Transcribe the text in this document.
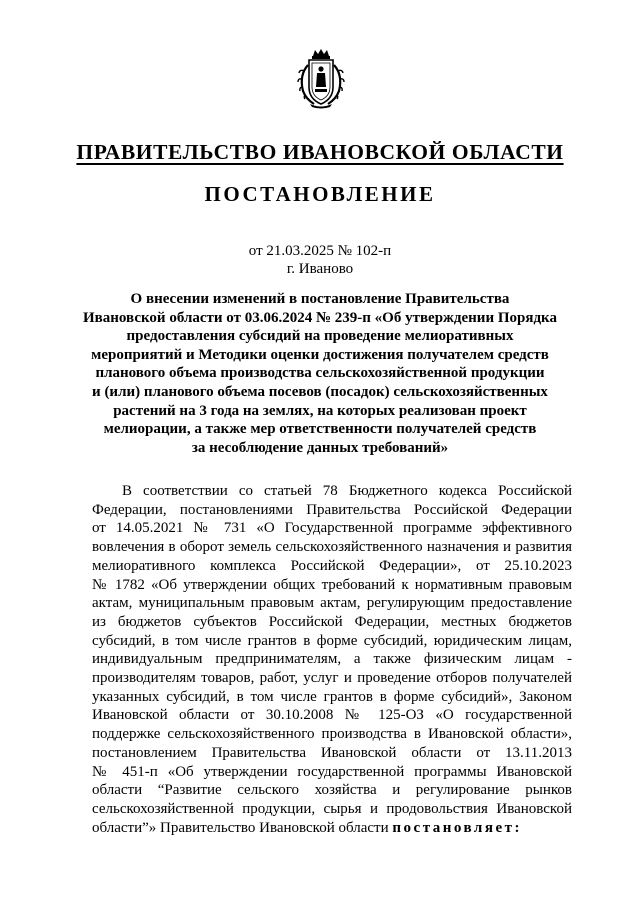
ПРАВИТЕЛЬСТВО ИВАНОВСКОЙ ОБЛАСТИ
ПОСТАНОВЛЕНИЕ
от 21.03.2025 № 102-п
г. Иваново
О внесении изменений в постановление Правительства
Ивановской области от 03.06.2024 № 239-п «Об утверждении Порядка
предоставления субсидий на проведение мелиоративных
мероприятий и Методики оценки достижения получателем средств
планового объема производства сельскохозяйственной продукции
и (или) планового объема посевов (посадок) сельскохозяйственных
растений на 3 года на землях, на которых реализован проект
мелиорации, а также мер ответственности получателей средств
за несоблюдение данных требований»
В соответствии со статьей 78 Бюджетного кодекса Российской
Федерации, постановлениями Правительства Российской Федерации
от 14.05.2021 № 731 «О Государственной программе эффективного
вовлечения в оборот земель сельскохозяйственного назначения и развития
мелиоративного комплекса Российской Федерации», от 25.10.2023
№ 1782 «Об утверждении общих требований к нормативным правовым
актам, муниципальным правовым актам, регулирующим предоставление
из бюджетов субъектов Российской Федерации, местных бюджетов
субсидий, в том числе грантов в форме субсидий, юридическим лицам,
индивидуальным предпринимателям, а также физическим лицам -
производителям товаров, работ, услуг и проведение отборов получателей
указанных субсидий, в том числе грантов в форме субсидий», Законом
Ивановской области от 30.10.2008 № 125-ОЗ «О государственной
поддержке сельскохозяйственного производства в Ивановской области»,
постановлением Правительства Ивановской области от 13.11.2013
№ 451-п «Об утверждении государственной программы Ивановской
области “Развитие сельского хозяйства и регулирование рынков
сельскохозяйственной продукции, сырья и продовольствия Ивановской
области”» Правительство Ивановской области постановляет:
